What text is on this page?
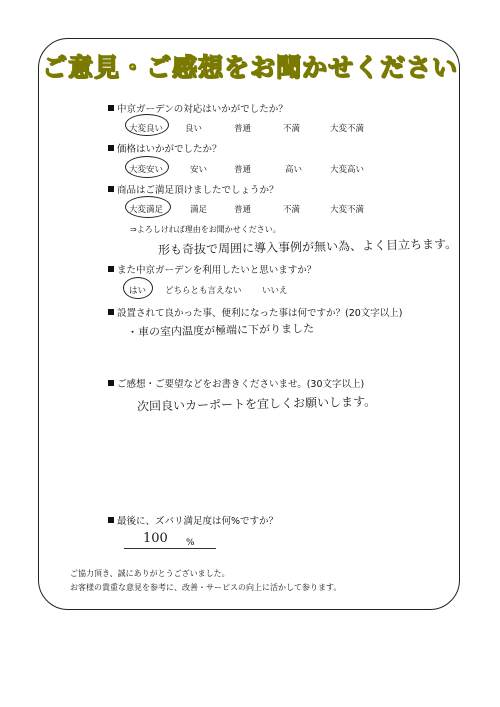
ご意見・ご感想をお聞かせください
中京ガーデンの対応はいかがでしたか？
大変良い	良い	普通	不満	大変不満
価格はいかがでしたか？
大変安い	安い	普通	高い	大変高い
商品はご満足頂けましたでしょうか？
大変満足	満足	普通	不満	大変不満
⇒よろしければ理由をお聞かせください。
形も奇抜で周囲に導入事例が無い為、よく目立ちます。
また中京ガーデンを利用したいと思いますか？
はい どちらとも言えない いいえ
設置されて良かった事、便利になった事は何ですか？(20文字以上)
・車の室内温度が極端に下がりました
ご感想・ご要望などをお書きくださいませ。(30文字以上)
次回良いカーポートを宜しくお願いします。
最後に、ズバリ満足度は何%ですか？
100 %
ご協力頂き、誠にありがとうございました。
お客様の貴重な意見を参考に、改善・サービスの向上に活かして参ります。
